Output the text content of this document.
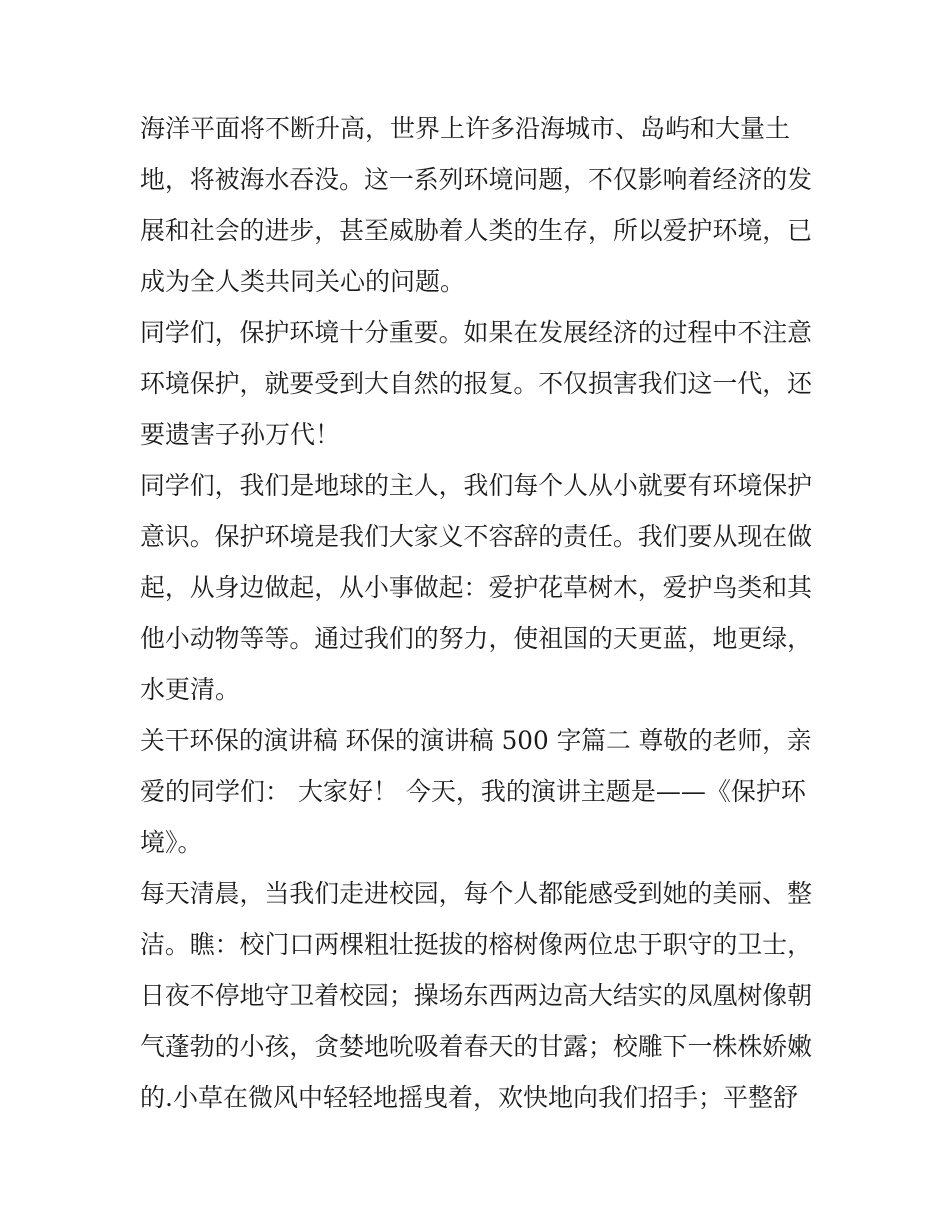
海洋平面将不断升高，世界上许多沿海城市、岛屿和大量土
地，将被海水吞没。这一系列环境问题，不仅影响着经济的发
展和社会的进步，甚至威胁着人类的生存，所以爱护环境，已
成为全人类共同关心的问题。
同学们，保护环境十分重要。如果在发展经济的过程中不注意
环境保护，就要受到大自然的报复。不仅损害我们这一代，还
要遗害子孙万代！
同学们，我们是地球的主人，我们每个人从小就要有环境保护
意识。保护环境是我们大家义不容辞的责任。我们要从现在做
起，从身边做起，从小事做起：爱护花草树木，爱护鸟类和其
他小动物等等。通过我们的努力，使祖国的天更蓝，地更绿，
水更清。
关干环保的演讲稿 环保的演讲稿 500 字篇二 尊敬的老师，亲
爱的同学们： 大家好！ 今天，我的演讲主题是——《保护环
境》。
每天清晨，当我们走进校园，每个人都能感受到她的美丽、整
洁。瞧：校门口两棵粗壮挺拔的榕树像两位忠于职守的卫士，
日夜不停地守卫着校园；操场东西两边高大结实的凤凰树像朝
气蓬勃的小孩，贪婪地吮吸着春天的甘露；校雕下一株株娇嫩
的.小草在微风中轻轻地摇曳着，欢快地向我们招手；平整舒
